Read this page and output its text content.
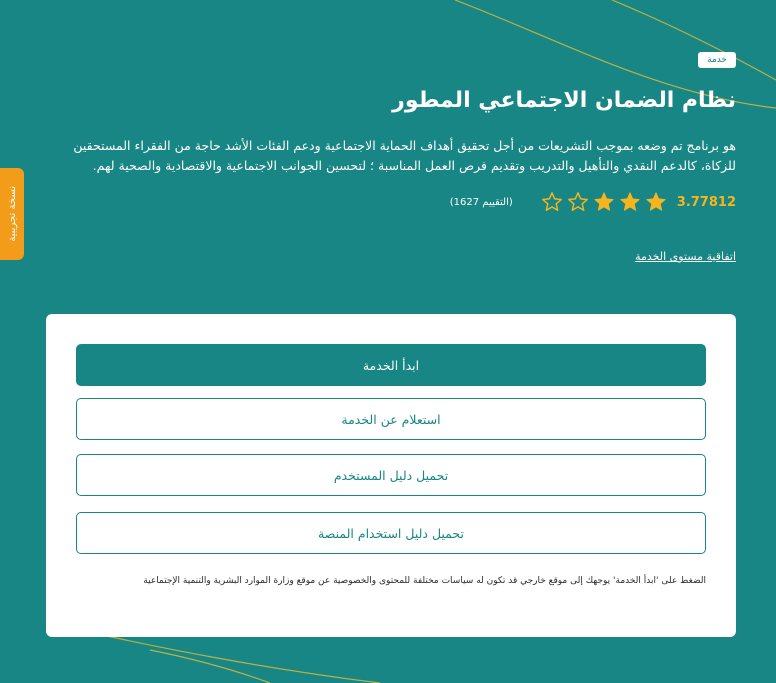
نسخة تجريبية
خدمة
نظام الضمان الاجتماعي المطور

هو برنامج تم وضعه بموجب التشريعات من أجل تحقيق أهداف الحماية الاجتماعية ودعم الفئات الأشد حاجة من الفقراء المستحقين للزكاة، كالدعم النقدي والتأهيل والتدريب وتقديم فرص العمل المناسبة ؛ لتحسين الجوانب الاجتماعية والاقتصادية والصحية لهم.

3.77812
(التقييم 1627)
اتفاقية مستوى الخدمة
ابدأ الخدمة
استعلام عن الخدمة
تحميل دليل المستخدم
تحميل دليل استخدام المنصة
الضغط على 'ابدأ الخدمة' يوجهك إلى موقع خارجي قد تكون له سياسات مختلفة للمحتوى والخصوصية عن موقع وزارة الموارد البشرية والتنمية الإجتماعية
